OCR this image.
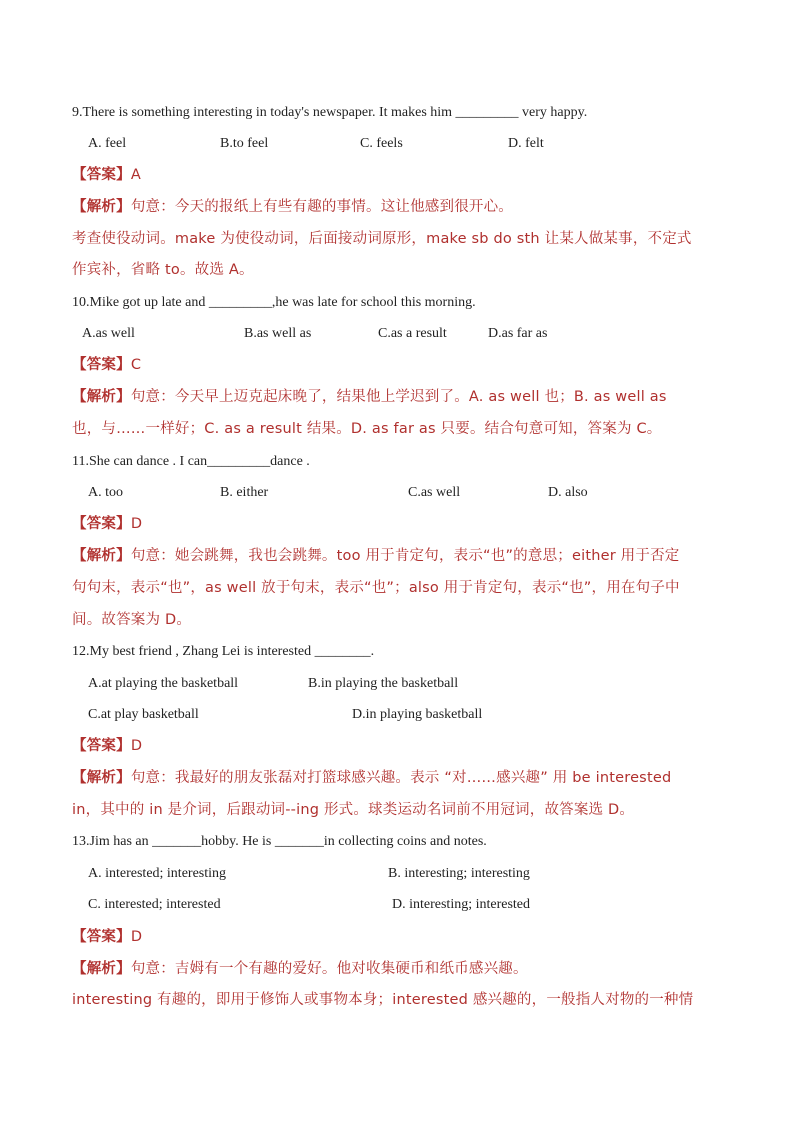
9.There is something interesting in today's newspaper. It makes him _________ very happy.
A. feel	B.to feel	C. feels	D. felt
【答案】A
【解析】句意：今天的报纸上有些有趣的事情。这让他感到很开心。
考查使役动词。make 为使役动词，后面接动词原形，make sb do sth 让某人做某事，不定式
作宾补，省略 to。故选 A。
10.Mike got up late and _________,he was late for school this morning.
A.as well	B.as well as	C.as a result	D.as far as
【答案】C
【解析】句意：今天早上迈克起床晚了，结果他上学迟到了。A. as well 也；B. as well as
也，与……一样好；C. as a result 结果。D. as far as 只要。结合句意可知，答案为 C。
11.She can dance . I can_________dance .
A. too	B. either	C.as well	D. also
【答案】D
【解析】句意：她会跳舞，我也会跳舞。too 用于肯定句，表示“也”的意思；either 用于否定
句句末，表示“也”，as well 放于句末，表示“也”；also 用于肯定句，表示“也”，用在句子中
间。故答案为 D。
12.My best friend , Zhang Lei is interested ________.
A.at playing the basketball	B.in playing the basketball
C.at play basketball	D.in playing basketball
【答案】D
【解析】句意：我最好的朋友张磊对打篮球感兴趣。表示 “对……感兴趣” 用 be interested
in，其中的 in 是介词，后跟动词--ing 形式。球类运动名词前不用冠词，故答案选 D。
13.Jim has an _______hobby. He is _______in collecting coins and notes.
A. interested; interesting	B. interesting; interesting
C. interested; interested	D. interesting; interested
【答案】D
【解析】句意：吉姆有一个有趣的爱好。他对收集硬币和纸币感兴趣。
interesting 有趣的，即用于修饰人或事物本身；interested 感兴趣的，一般指人对物的一种情
